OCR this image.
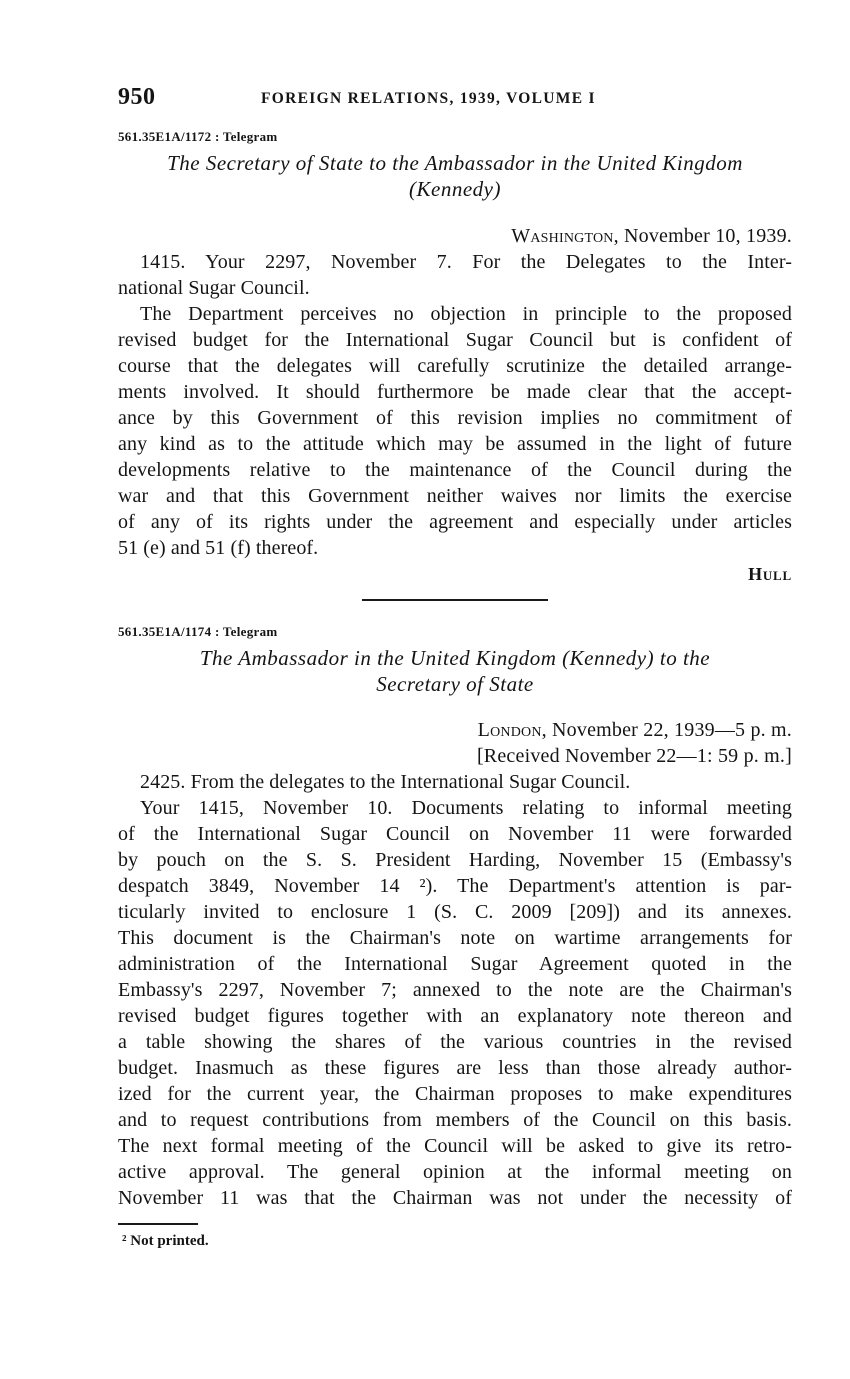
950	FOREIGN RELATIONS, 1939, VOLUME I
561.35E1A/1172 : Telegram
The Secretary of State to the Ambassador in the United Kingdom
(Kennedy)
Washington, November 10, 1939.
1415. Your 2297, November 7. For the Delegates to the Inter-
national Sugar Council.
The Department perceives no objection in principle to the proposed
revised budget for the International Sugar Council but is confident of
course that the delegates will carefully scrutinize the detailed arrange-
ments involved. It should furthermore be made clear that the accept-
ance by this Government of this revision implies no commitment of
any kind as to the attitude which may be assumed in the light of future
developments relative to the maintenance of the Council during the
war and that this Government neither waives nor limits the exercise
of any of its rights under the agreement and especially under articles
51 (e) and 51 (f) thereof.
Hull
561.35E1A/1174 : Telegram
The Ambassador in the United Kingdom (Kennedy) to the
Secretary of State
London, November 22, 1939—5 p. m.
[Received November 22—1: 59 p. m.]
2425. From the delegates to the International Sugar Council.
Your 1415, November 10. Documents relating to informal meeting
of the International Sugar Council on November 11 were forwarded
by pouch on the S. S. President Harding, November 15 (Embassy's
despatch 3849, November 14 ²). The Department's attention is par-
ticularly invited to enclosure 1 (S. C. 2009 [209]) and its annexes.
This document is the Chairman's note on wartime arrangements for
administration of the International Sugar Agreement quoted in the
Embassy's 2297, November 7; annexed to the note are the Chairman's
revised budget figures together with an explanatory note thereon and
a table showing the shares of the various countries in the revised
budget. Inasmuch as these figures are less than those already author-
ized for the current year, the Chairman proposes to make expenditures
and to request contributions from members of the Council on this basis.
The next formal meeting of the Council will be asked to give its retro-
active approval. The general opinion at the informal meeting on
November 11 was that the Chairman was not under the necessity of
² Not printed.
